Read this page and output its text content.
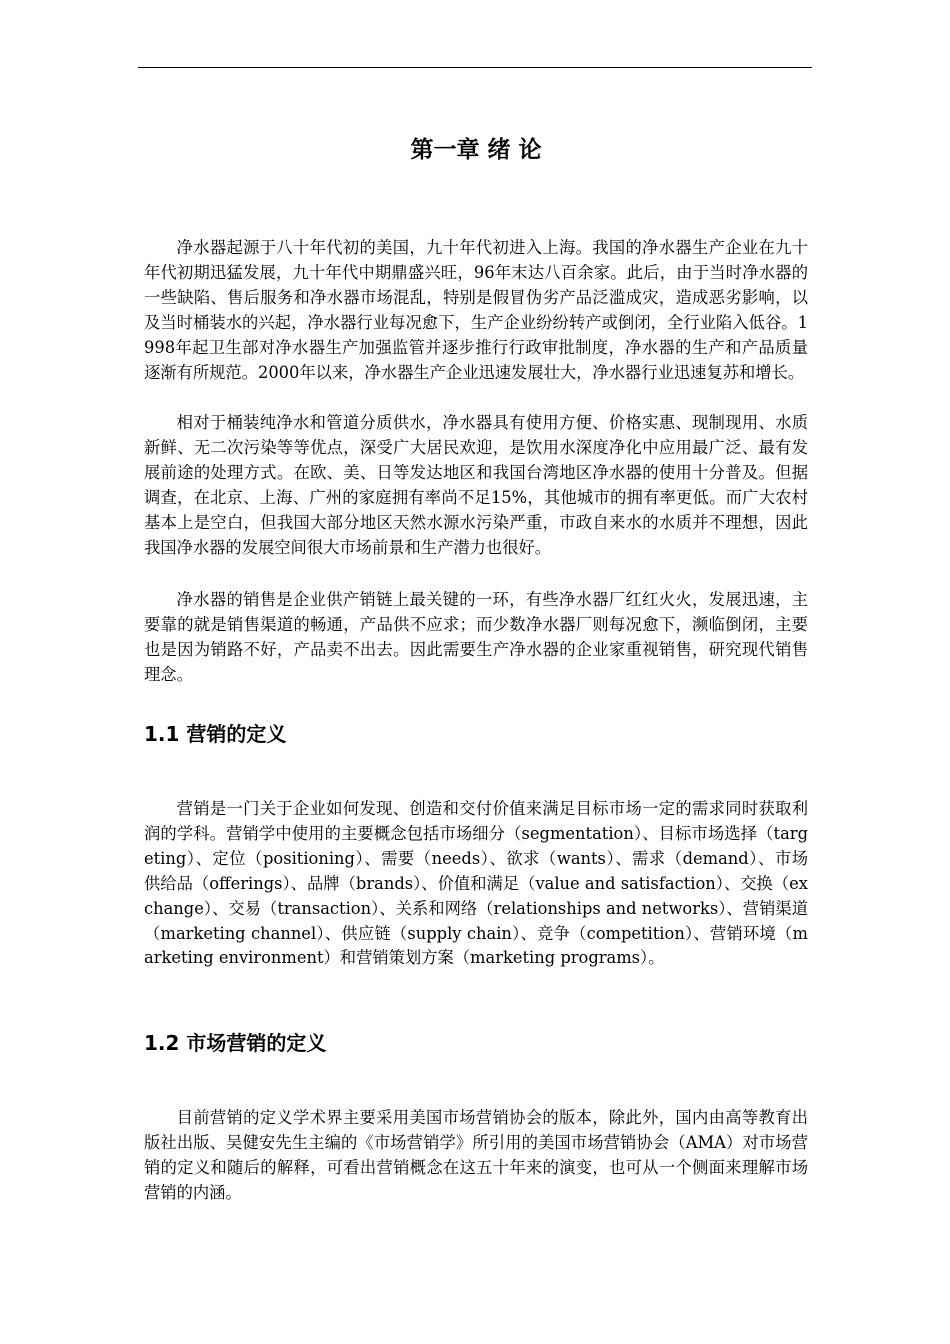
第一章 绪 论

净水器起源于八十年代初的美国，九十年代初进入上海。我国的净水器生产企业在九十年代初期迅猛发展，九十年代中期鼎盛兴旺，96年末达八百余家。此后，由于当时净水器的一些缺陷、售后服务和净水器市场混乱，特别是假冒伪劣产品泛滥成灾，造成恶劣影响，以及当时桶装水的兴起，净水器行业每况愈下，生产企业纷纷转产或倒闭，全行业陷入低谷。1998年起卫生部对净水器生产加强监管并逐步推行行政审批制度，净水器的生产和产品质量逐渐有所规范。2000年以来，净水器生产企业迅速发展壮大，净水器行业迅速复苏和增长。

相对于桶装纯净水和管道分质供水，净水器具有使用方便、价格实惠、现制现用、水质新鲜、无二次污染等等优点，深受广大居民欢迎，是饮用水深度净化中应用最广泛、最有发展前途的处理方式。在欧、美、日等发达地区和我国台湾地区净水器的使用十分普及。但据调查，在北京、上海、广州的家庭拥有率尚不足15%，其他城市的拥有率更低。而广大农村基本上是空白，但我国大部分地区天然水源水污染严重，市政自来水的水质并不理想，因此我国净水器的发展空间很大市场前景和生产潜力也很好。

净水器的销售是企业供产销链上最关键的一环，有些净水器厂红红火火，发展迅速，主要靠的就是销售渠道的畅通，产品供不应求；而少数净水器厂则每况愈下，濒临倒闭，主要也是因为销路不好，产品卖不出去。因此需要生产净水器的企业家重视销售，研究现代销售理念。

1.1 营销的定义

营销是一门关于企业如何发现、创造和交付价值来满足目标市场一定的需求同时获取利润的学科。营销学中使用的主要概念包括市场细分（segmentation）、目标市场选择（targeting）、定位（positioning）、需要（needs）、欲求（wants）、需求（demand）、市场供给品（offerings）、品牌（brands）、价值和满足（value and satisfaction）、交换（exchange）、交易（transaction）、关系和网络（relationships and networks）、营销渠道（marketing channel）、供应链（supply chain）、竞争（competition）、营销环境（marketing environment）和营销策划方案（marketing programs）。

1.2 市场营销的定义

目前营销的定义学术界主要采用美国市场营销协会的版本，除此外，国内由高等教育出版社出版、吴健安先生主编的《市场营销学》所引用的美国市场营销协会（AMA）对市场营销的定义和随后的解释，可看出营销概念在这五十年来的演变，也可从一个侧面来理解市场营销的内涵。
